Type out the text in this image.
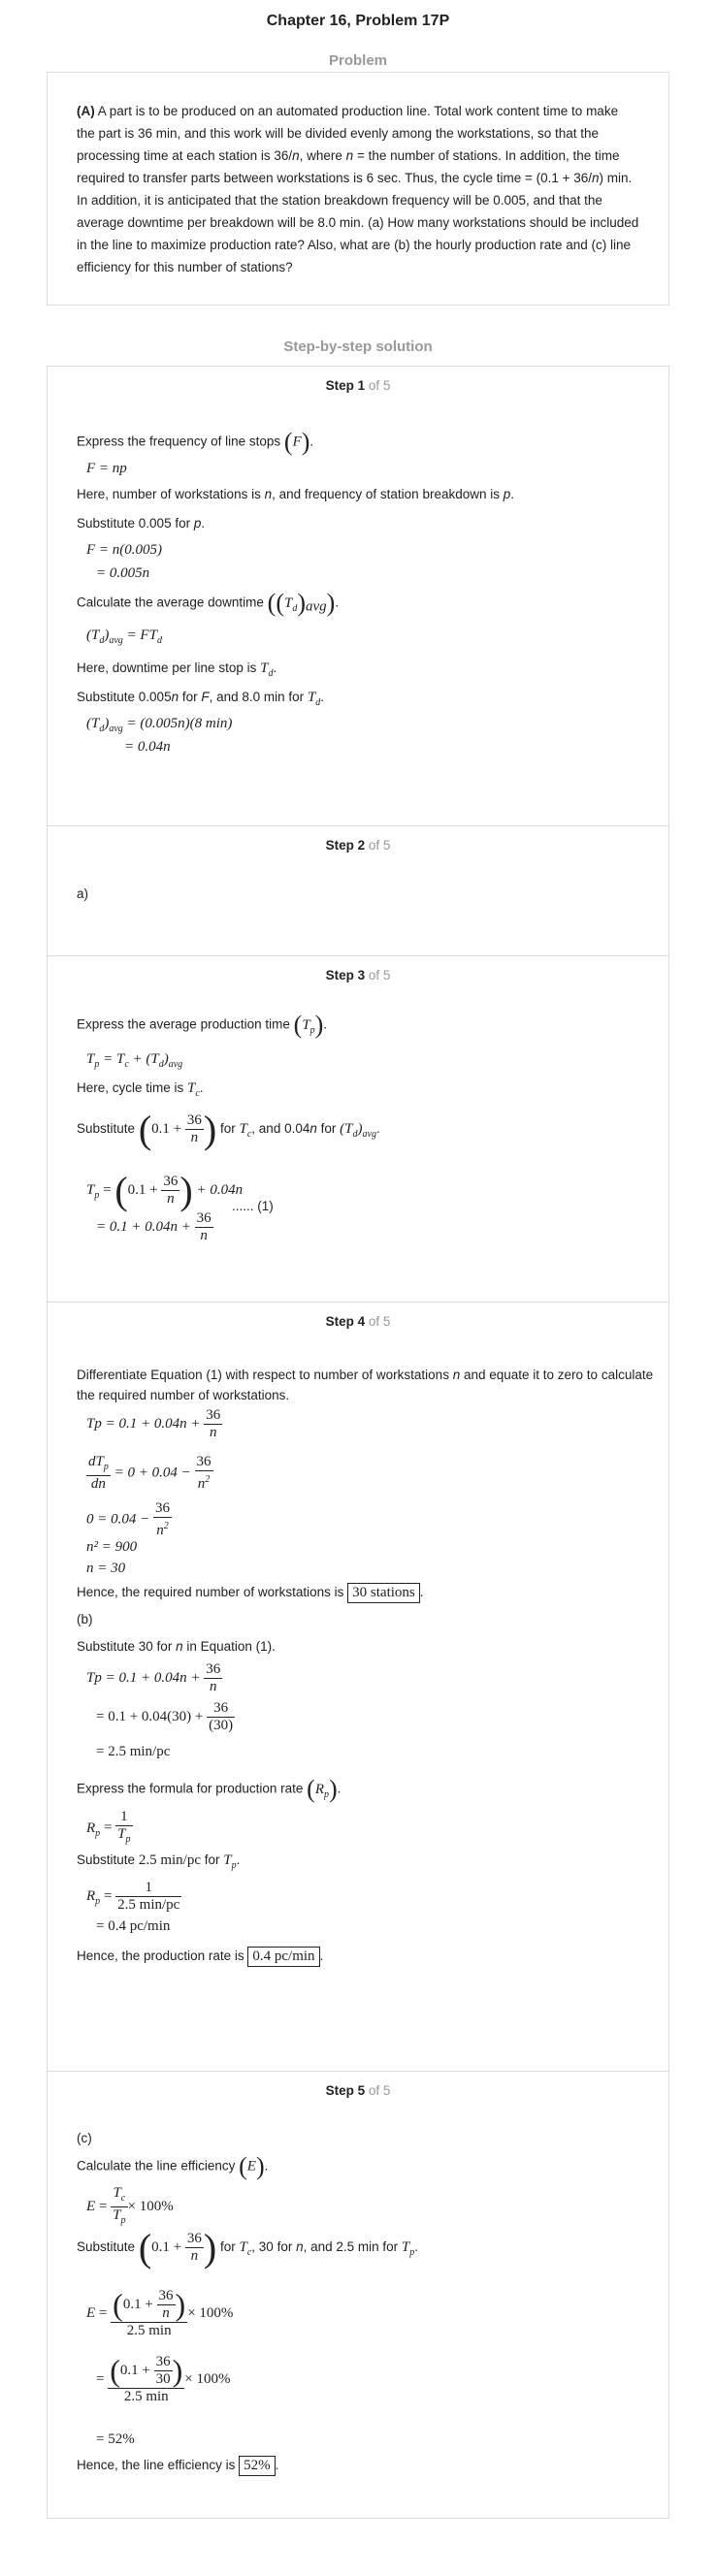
Chapter 16, Problem 17P
Problem
(A) A part is to be produced on an automated production line. Total work content time to make the part is 36 min, and this work will be divided evenly among the workstations, so that the processing time at each station is 36/n, where n = the number of stations. In addition, the time required to transfer parts between workstations is 6 sec. Thus, the cycle time = (0.1 + 36/n) min. In addition, it is anticipated that the station breakdown frequency will be 0.005, and that the average downtime per breakdown will be 8.0 min. (a) How many workstations should be included in the line to maximize production rate? Also, what are (b) the hourly production rate and (c) line efficiency for this number of stations?
Step-by-step solution
Step 1 of 5
Express the frequency of line stops (F).
F = np
Here, number of workstations is n, and frequency of station breakdown is p.
Substitute 0.005 for p.
F = n(0.005)
= 0.005n
Calculate the average downtime $((T_d)_{avg})$.
$(T_d)_{avg} = FT_d$
Here, downtime per line stop is $T_d$.
Substitute 0.005n for F, and 8.0 min for $T_d$.
$(T_d)_{avg} = (0.005n)(8$ min)
= 0.04n
Step 2 of 5
a)
Step 3 of 5
Express the average production time $(T_p)$.
$T_p = T_c + (T_d)_{avg}$
Here, cycle time is $T_c$.
Substitute ($0.1 + \frac{36}{n}$ ) for $T_c$, and 0.04n for $(T_d)_{avg}$.
$T_p = (0.1 + \frac{36}{n}$ ) + 0.04n
...... (1)
= $0.1 + 0.04n + \frac{36}{n}$
Step 4 of 5
Differentiate Equation (1) with respect to number of workstations n and equate it to zero to calculate the required number of workstations.
$Tp = 0.1 + 0.04n + \frac{36}{n}$
$\frac{dT_p}{dn} = 0 + 0.04 - \frac{36}{n^2}$
$0 = 0.04 - \frac{36}{n^2}$
n² = 900
n = 30
Hence, the required number of workstations is 30 stations .
(b)
Substitute 30 for n in Equation (1).
$Tp = 0.1 + 0.04n + \frac{36}{n}$
= $0.1 + 0.04(30) + \frac{36}{(30)}$
= 2.5 min/pc
Express the formula for production rate $(R_p)$.
$R_p = \frac{1}{T_p}$
Substitute 2.5 min/pc for $T_p$.
$R_p = \frac{1}{2.5 \min/pc}$
= 0.4 pc/min
Hence, the production rate is 0.4 pc/min .
Step 5 of 5
(c)
Calculate the line efficiency (E).
$E = \frac{T_c}{T_p} \times 100\%$
Substitute ($0.1 + \frac{36}{n}$ ) for $T_c$, 30 for n, and 2.5 min for $T_p$.
$E = \frac{(0.1 + \frac{36}{n} )}{2.5 \min} \times 100\%$
= $\frac{(0.1 + \frac{36}{30} )}{2.5 \min} \times 100\%$
= 52%
Hence, the line efficiency is 52% .
